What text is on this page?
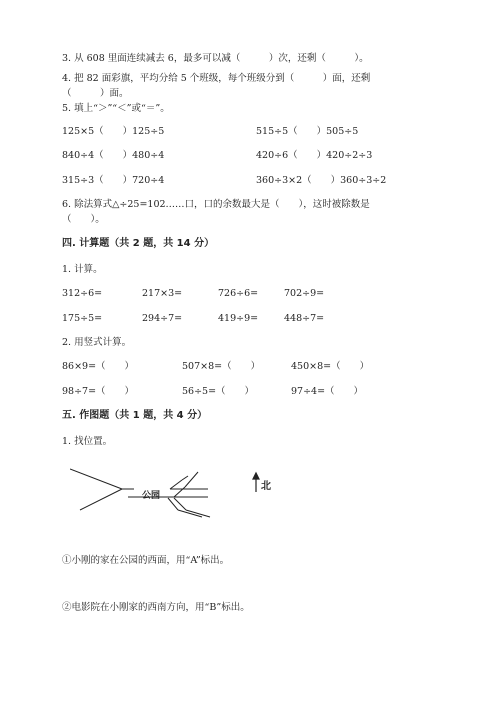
3. 从 608 里面连续减去 6，最多可以减（　　　）次，还剩（　　　）。
4. 把 82 面彩旗，平均分给 5 个班级，每个班级分到（　　　）面，还剩
（　　　）面。
5. 填上“＞”“＜”或“＝”。
125×5（　　）125÷5	515÷5（　　）505÷5
840÷4（　　）480÷4	420÷6（　　）420÷2÷3
315÷3（　　）720÷4	360÷3×2（　　）360÷3÷2
6. 除法算式△÷25=102……口，口的余数最大是（　　），这时被除数是
（　　）。
四. 计算题（共 2 题，共 14 分）
1. 计算。
312÷6=	217×3=	726÷6=	702÷9=
175÷5=	294÷7=	419÷9=	448÷7=
2. 用竖式计算。
86×9=（　　）	507×8=（　　）	450×8=（　　）
98÷7=（　　）	56÷5=（　　）	97÷4=（　　）
五. 作图题（共 1 题，共 4 分）
1. 找位置。
公园
北
①小刚的家在公园的西面，用“A”标出。
②电影院在小刚家的西南方向，用“B”标出。
